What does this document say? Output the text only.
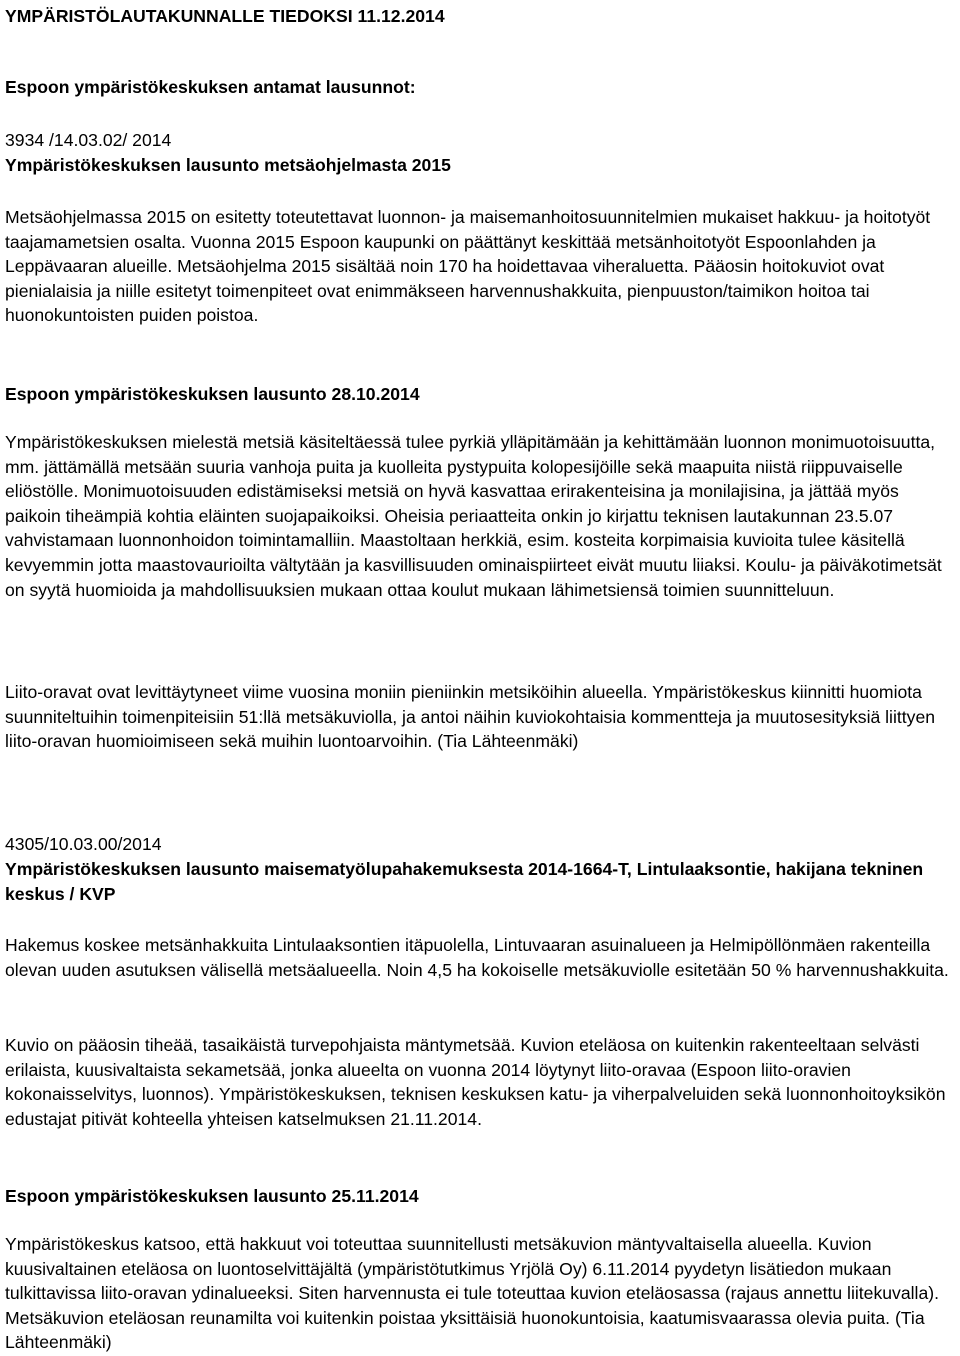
YMPÄRISTÖLAUTAKUNNALLE TIEDOKSI 11.12.2014

Espoon ympäristökeskuksen antamat lausunnot:

3934 /14.03.02/ 2014

Ympäristökeskuksen lausunto metsäohjelmasta 2015

Metsäohjelmassa 2015 on esitetty toteutettavat luonnon- ja maisemanhoitosuunnitelmien mukaiset hakkuu- ja hoitotyöt taajamametsien osalta. Vuonna 2015 Espoon kaupunki on päättänyt keskittää metsänhoitotyöt Espoonlahden ja Leppävaaran alueille. Metsäohjelma 2015 sisältää noin 170 ha hoidettavaa viheraluetta. Pääosin hoitokuviot ovat pienialaisia ja niille esitetyt toimenpiteet ovat enimmäkseen harvennushakkuita, pienpuuston/taimikon hoitoa tai huonokuntoisten puiden poistoa.

Espoon ympäristökeskuksen lausunto 28.10.2014

Ympäristökeskuksen mielestä metsiä käsiteltäessä tulee pyrkiä ylläpitämään ja kehittämään luonnon monimuotoisuutta, mm. jättämällä metsään suuria vanhoja puita ja kuolleita pystypuita kolopesijöille sekä maapuita niistä riippuvaiselle eliöstölle. Monimuotoisuuden edistämiseksi metsiä on hyvä kasvattaa erirakenteisina ja monilajisina, ja jättää myös paikoin tiheämpiä kohtia eläinten suojapaikoiksi. Oheisia periaatteita onkin jo kirjattu teknisen lautakunnan 23.5.07 vahvistamaan luonnonhoidon toimintamalliin. Maastoltaan herkkiä, esim. kosteita korpimaisia kuvioita tulee käsitellä kevyemmin jotta maastovaurioilta vältytään ja kasvillisuuden ominaispiirteet eivät muutu liiaksi. Koulu- ja päiväkotimetsät on syytä huomioida ja mahdollisuuksien mukaan ottaa koulut mukaan lähimetsiensä toimien suunnitteluun.

Liito-oravat ovat levittäytyneet viime vuosina moniin pieniinkin metsiköihin alueella. Ympäristökeskus kiinnitti huomiota suunniteltuihin toimenpiteisiin 51:llä metsäkuviolla, ja antoi näihin kuviokohtaisia kommentteja ja muutosesityksiä liittyen liito-oravan huomioimiseen sekä muihin luontoarvoihin. (Tia Lähteenmäki)

4305/10.03.00/2014

Ympäristökeskuksen lausunto maisematyölupahakemuksesta 2014-1664-T, Lintulaaksontie, hakijana tekninen keskus / KVP

Hakemus koskee metsänhakkuita Lintulaaksontien itäpuolella, Lintuvaaran asuinalueen ja Helmipöllönmäen rakenteilla olevan uuden asutuksen välisellä metsäalueella. Noin 4,5 ha kokoiselle metsäkuviolle esitetään 50 % harvennushakkuita.

Kuvio on pääosin tiheää, tasaikäistä turvepohjaista mäntymetsää. Kuvion eteläosa on kuitenkin rakenteeltaan selvästi erilaista, kuusivaltaista sekametsää, jonka alueelta on vuonna 2014 löytynyt liito-oravaa (Espoon liito-oravien kokonaisselvitys, luonnos). Ympäristökeskuksen, teknisen keskuksen katu- ja viherpalveluiden sekä luonnonhoitoyksikön edustajat pitivät kohteella yhteisen katselmuksen 21.11.2014.

Espoon ympäristökeskuksen lausunto 25.11.2014

Ympäristökeskus katsoo, että hakkuut voi toteuttaa suunnitellusti metsäkuvion mäntyvaltaisella alueella. Kuvion kuusivaltainen eteläosa on luontoselvittäjältä (ympäristötutkimus Yrjölä Oy) 6.11.2014 pyydetyn lisätiedon mukaan tulkittavissa liito-oravan ydinalueeksi. Siten harvennusta ei tule toteuttaa kuvion eteläosassa (rajaus annettu liitekuvalla). Metsäkuvion eteläosan reunamilta voi kuitenkin poistaa yksittäisiä huonokuntoisia, kaatumisvaarassa olevia puita. (Tia Lähteenmäki)
